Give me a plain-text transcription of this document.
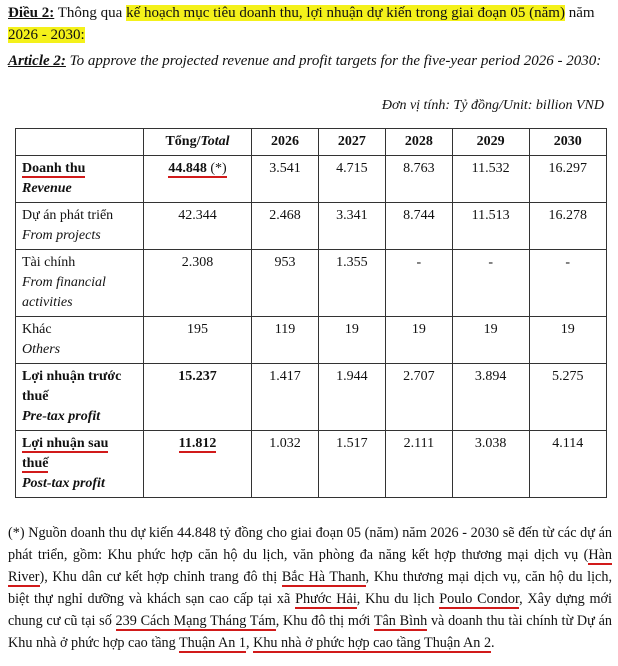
Điều 2: Thông qua kế hoạch mục tiêu doanh thu, lợi nhuận dự kiến trong giai đoạn 05 (năm) năm 2026 - 2030:
Article 2: To approve the projected revenue and profit targets for the five-year period 2026 - 2030:
Đơn vị tính: Tỷ đồng/Unit: billion VND
	Tổng/Total	2026	2027	2028	2029	2030

Doanh thu
Revenue	44.848 (*)	3.541	4.715	8.763	11.532	16.297

Dự án phát triển
From projects	42.344	2.468	3.341	8.744	11.513	16.278

Tài chính
From financial activities	2.308	953	1.355	-	-	-

Khác
Others	195	119	19	19	19	19

Lợi nhuận trước thuế
Pre-tax profit	15.237	1.417	1.944	2.707	3.894	5.275

Lợi nhuận sau thuế
Post-tax profit	11.812	1.032	1.517	2.111	3.038	4.114
(*) Nguồn doanh thu dự kiến 44.848 tỷ đồng cho giai đoạn 05 (năm) năm 2026 - 2030 sẽ đến từ các dự án phát triển, gồm: Khu phức hợp căn hộ du lịch, văn phòng đa năng kết hợp thương mại dịch vụ (Hàn River), Khu dân cư kết hợp chỉnh trang đô thị Bắc Hà Thanh, Khu thương mại dịch vụ, căn hộ du lịch, biệt thự nghỉ dưỡng và khách sạn cao cấp tại xã Phước Hải, Khu du lịch Poulo Condor, Xây dựng mới chung cư cũ tại số 239 Cách Mạng Tháng Tám, Khu đô thị mới Tân Bình và doanh thu tài chính từ Dự án Khu nhà ở phức hợp cao tầng Thuận An 1, Khu nhà ở phức hợp cao tầng Thuận An 2.
